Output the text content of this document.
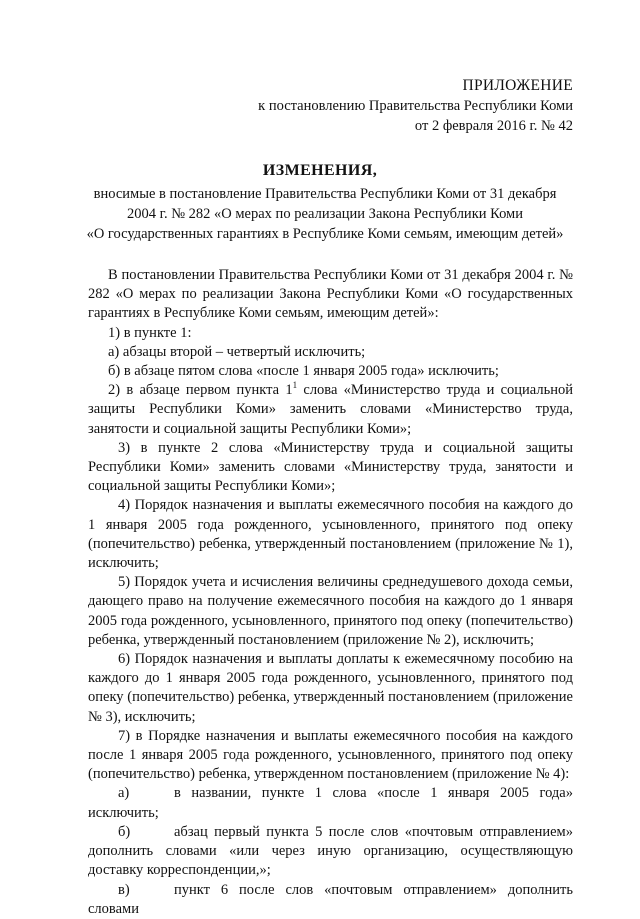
ПРИЛОЖЕНИЕ
к постановлению Правительства Республики Коми
от 2 февраля 2016 г. № 42
ИЗМЕНЕНИЯ,
вносимые в постановление Правительства Республики Коми от 31 декабря
2004 г. № 282 «О мерах по реализации Закона Республики Коми
«О государственных гарантиях в Республике Коми семьям, имеющим детей»

В постановлении Правительства Республики Коми от 31 декабря 2004 г. № 282 «О мерах по реализации Закона Республики Коми «О государственных гарантиях в Республике Коми семьям, имеющим детей»:

1) в пункте 1:

а) абзацы второй – четвертый исключить;

б) в абзаце пятом слова «после 1 января 2005 года» исключить;

2) в абзаце первом пункта $1^1$ слова «Министерство труда и социальной защиты Республики Коми» заменить словами «Министерство труда, занятости и социальной защиты Республики Коми»;

3) в пункте 2 слова «Министерству труда и социальной защиты Республики Коми» заменить словами «Министерству труда, занятости и социальной защиты Республики Коми»;

4) Порядок назначения и выплаты ежемесячного пособия на каждого до 1 января 2005 года рожденного, усыновленного, принятого под опеку (попечительство) ребенка, утвержденный постановлением (приложение № 1), исключить;

5) Порядок учета и исчисления величины среднедушевого дохода семьи, дающего право на получение ежемесячного пособия на каждого до 1 января 2005 года рожденного, усыновленного, принятого под опеку (попечительство) ребенка, утвержденный постановлением (приложение № 2), исключить;

6) Порядок назначения и выплаты доплаты к ежемесячному пособию на каждого до 1 января 2005 года рожденного, усыновленного, принятого под опеку (попечительство) ребенка, утвержденный постановлением (приложение № 3), исключить;

7) в Порядке назначения и выплаты ежемесячного пособия на каждого после 1 января 2005 года рожденного, усыновленного, принятого под опеку (попечительство) ребенка, утвержденном постановлением (приложение № 4):

а)	в названии, пункте 1 слова «после 1 января 2005 года» исключить;

б)	абзац первый пункта 5 после слов «почтовым отправлением» дополнить словами «или через иную организацию, осуществляющую доставку корреспонденции,»;

в)	пункт 6 после слов «почтовым отправлением» дополнить словами
